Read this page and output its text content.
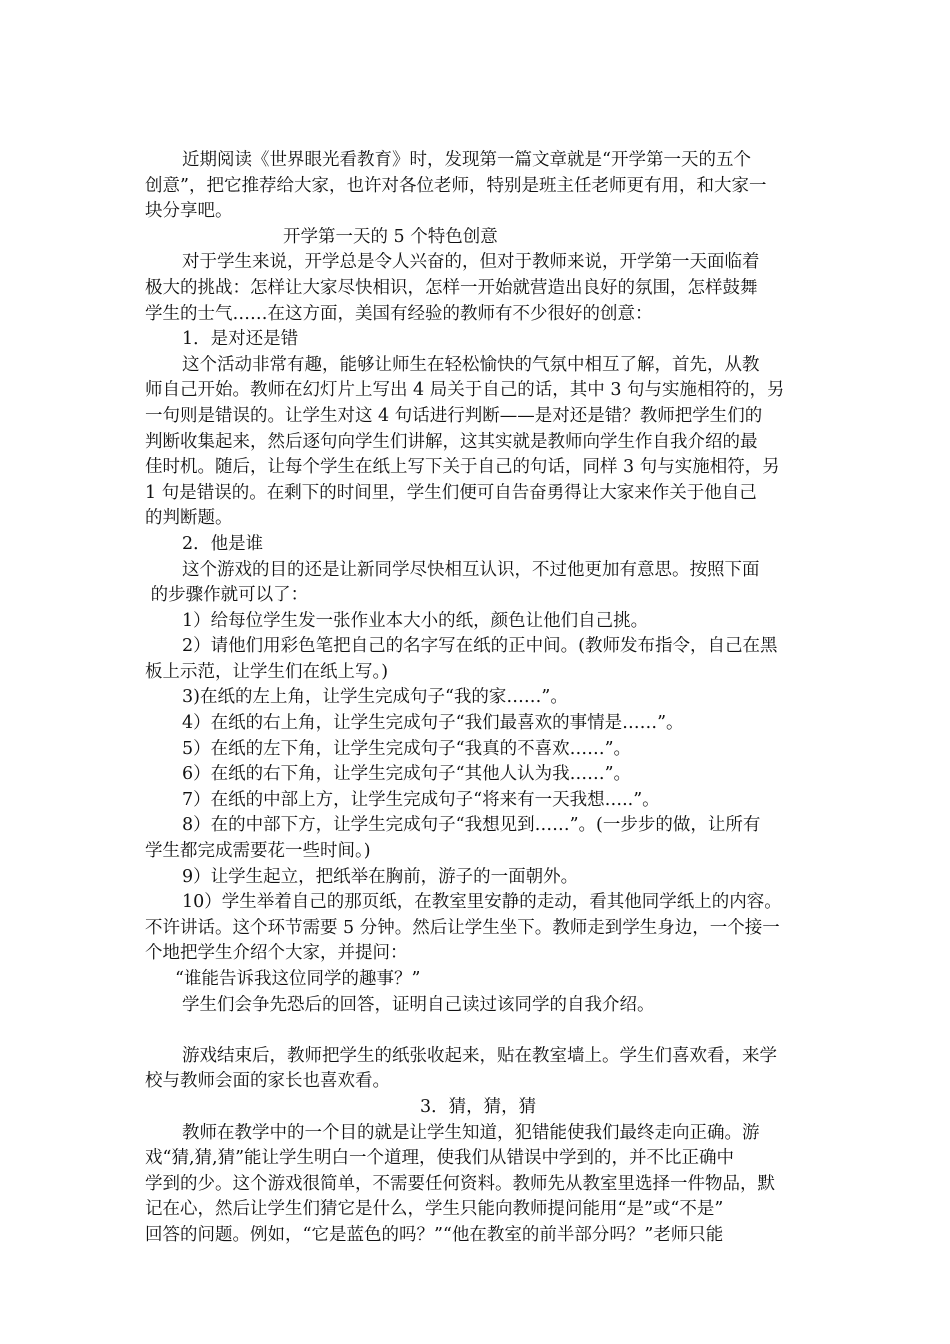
近期阅读《世界眼光看教育》时，发现第一篇文章就是“开学第一天的五个

创意”，把它推荐给大家，也许对各位老师，特别是班主任老师更有用，和大家一

块分享吧。

开学第一天的 5 个特色创意

对于学生来说，开学总是令人兴奋的，但对于教师来说，开学第一天面临着

极大的挑战：怎样让大家尽快相识，怎样一开始就营造出良好的氛围，怎样鼓舞

学生的士气……在这方面，美国有经验的教师有不少很好的创意：

1．是对还是错

这个活动非常有趣，能够让师生在轻松愉快的气氛中相互了解，首先，从教

师自己开始。教师在幻灯片上写出 4 局关于自己的话，其中 3 句与实施相符的，另

一句则是错误的。让学生对这 4 句话进行判断——是对还是错？教师把学生们的

判断收集起来，然后逐句向学生们讲解，这其实就是教师向学生作自我介绍的最

佳时机。随后，让每个学生在纸上写下关于自己的句话，同样 3 句与实施相符，另

1 句是错误的。在剩下的时间里，学生们便可自告奋勇得让大家来作关于他自己

的判断题。

2．他是谁

这个游戏的目的还是让新同学尽快相互认识，不过他更加有意思。按照下面

的步骤作就可以了：

1）给每位学生发一张作业本大小的纸，颜色让他们自己挑。

2）请他们用彩色笔把自己的名字写在纸的正中间。(教师发布指令，自己在黑

板上示范，让学生们在纸上写。)

3)在纸的左上角，让学生完成句子“我的家……”。

4）在纸的右上角，让学生完成句子“我们最喜欢的事情是……”。

5）在纸的左下角，让学生完成句子“我真的不喜欢……”。

6）在纸的右下角，让学生完成句子“其他人认为我……”。

7）在纸的中部上方，让学生完成句子“将来有一天我想…..”。

8）在的中部下方，让学生完成句子“我想见到……”。(一步步的做，让所有

学生都完成需要花一些时间。)

9）让学生起立，把纸举在胸前，游子的一面朝外。

10）学生举着自己的那页纸，在教室里安静的走动，看其他同学纸上的内容。

不许讲话。这个环节需要 5 分钟。然后让学生坐下。教师走到学生身边，一个接一

个地把学生介绍个大家，并提问：

“谁能告诉我这位同学的趣事？”

学生们会争先恐后的回答，证明自己读过该同学的自我介绍。

游戏结束后，教师把学生的纸张收起来，贴在教室墙上。学生们喜欢看，来学

校与教师会面的家长也喜欢看。

3．猜，猜，猜

教师在教学中的一个目的就是让学生知道，犯错能使我们最终走向正确。游

戏“猜,猜,猜”能让学生明白一个道理，使我们从错误中学到的，并不比正确中

学到的少。这个游戏很简单，不需要任何资料。教师先从教室里选择一件物品，默

记在心，然后让学生们猜它是什么，学生只能向教师提问能用“是”或“不是”

回答的问题。例如，“它是蓝色的吗？”“他在教室的前半部分吗？”老师只能
